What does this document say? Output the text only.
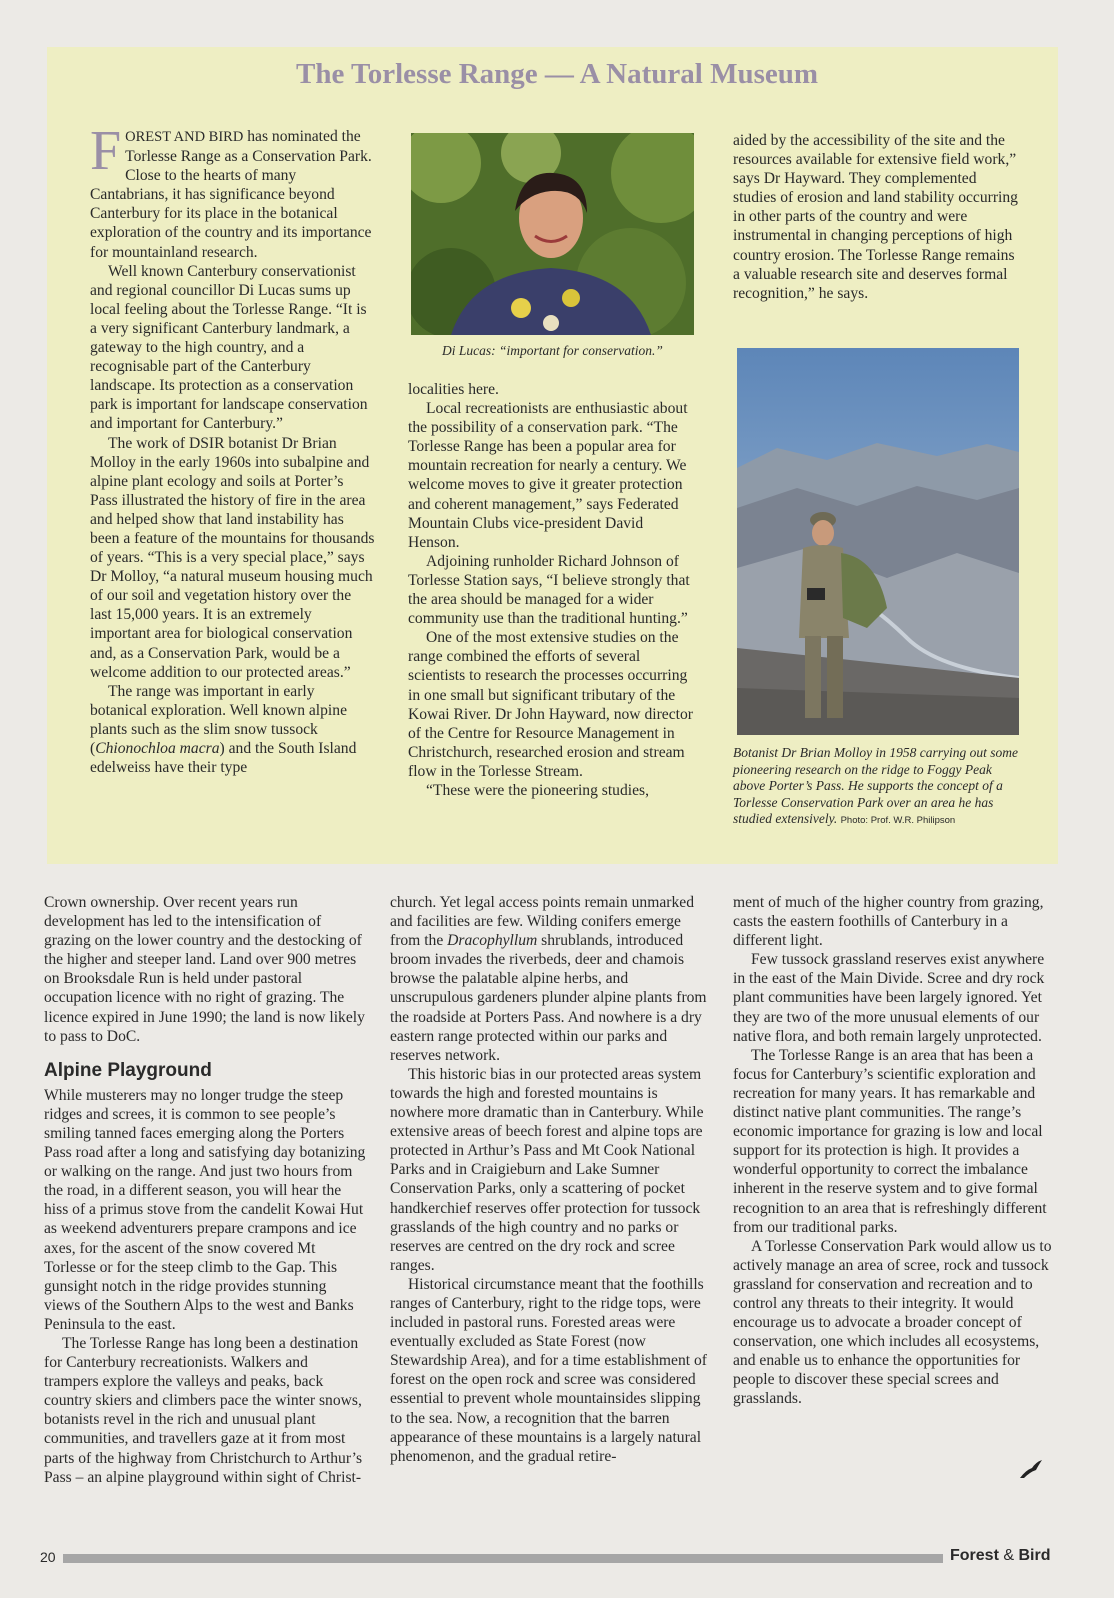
The Torlesse Range — A Natural Museum

FOREST AND BIRD has nominated the Torlesse Range as a Conservation Park. Close to the hearts of many Cantabrians, it has significance beyond Canterbury for its place in the botanical exploration of the country and its importance for mountainland research.

Well known Canterbury conservationist and regional councillor Di Lucas sums up local feeling about the Torlesse Range. “It is a very significant Canterbury landmark, a gateway to the high country, and a recognisable part of the Canterbury landscape. Its protection as a conservation park is important for landscape conservation and important for Canterbury.”

The work of DSIR botanist Dr Brian Molloy in the early 1960s into subalpine and alpine plant ecology and soils at Porter’s Pass illustrated the history of fire in the area and helped show that land instability has been a feature of the mountains for thousands of years. “This is a very special place,” says Dr Molloy, “a natural museum housing much of our soil and vegetation history over the last 15,000 years. It is an extremely important area for biological conservation and, as a Conservation Park, would be a welcome addition to our protected areas.”

The range was important in early botanical exploration. Well known alpine plants such as the slim snow tussock (Chionochloa macra) and the South Island edelweiss have their type

Di Lucas: “important for conservation.”

localities here.

Local recreationists are enthusiastic about the possibility of a conservation park. “The Torlesse Range has been a popular area for mountain recreation for nearly a century. We welcome moves to give it greater protection and coherent management,” says Federated Mountain Clubs vice-president David Henson.

Adjoining runholder Richard Johnson of Torlesse Station says, “I believe strongly that the area should be managed for a wider community use than the traditional hunting.”

One of the most extensive studies on the range combined the efforts of several scientists to research the processes occurring in one small but significant tributary of the Kowai River. Dr John Hayward, now director of the Centre for Resource Management in Christchurch, researched erosion and stream flow in the Torlesse Stream.

“These were the pioneering studies,

aided by the accessibility of the site and the resources available for extensive field work,” says Dr Hayward. They complemented studies of erosion and land stability occurring in other parts of the country and were instrumental in changing perceptions of high country erosion. The Torlesse Range remains a valuable research site and deserves formal recognition,” he says.

Botanist Dr Brian Molloy in 1958 carrying out some pioneering research on the ridge to Foggy Peak above Porter’s Pass. He supports the concept of a Torlesse Conservation Park over an area he has studied extensively. Photo: Prof. W.R. Philipson

Crown ownership. Over recent years run development has led to the intensification of grazing on the lower country and the destocking of the higher and steeper land. Land over 900 metres on Brooksdale Run is held under pastoral occupation licence with no right of grazing. The licence expired in June 1990; the land is now likely to pass to DoC.

Alpine Playground

While musterers may no longer trudge the steep ridges and screes, it is common to see people’s smiling tanned faces emerging along the Porters Pass road after a long and satisfying day botanizing or walking on the range. And just two hours from the road, in a different season, you will hear the hiss of a primus stove from the candelit Kowai Hut as weekend adventurers prepare crampons and ice axes, for the ascent of the snow covered Mt Torlesse or for the steep climb to the Gap. This gunsight notch in the ridge provides stunning views of the Southern Alps to the west and Banks Peninsula to the east.

The Torlesse Range has long been a destination for Canterbury recreationists. Walkers and trampers explore the valleys and peaks, back country skiers and climbers pace the winter snows, botanists revel in the rich and unusual plant communities, and travellers gaze at it from most parts of the highway from Christchurch to Arthur’s Pass – an alpine playground within sight of Christ-

church. Yet legal access points remain unmarked and facilities are few. Wilding conifers emerge from the Dracophyllum shrublands, introduced broom invades the riverbeds, deer and chamois browse the palatable alpine herbs, and unscrupulous gardeners plunder alpine plants from the roadside at Porters Pass. And nowhere is a dry eastern range protected within our parks and reserves network.

This historic bias in our protected areas system towards the high and forested mountains is nowhere more dramatic than in Canterbury. While extensive areas of beech forest and alpine tops are protected in Arthur’s Pass and Mt Cook National Parks and in Craigieburn and Lake Sumner Conservation Parks, only a scattering of pocket handkerchief reserves offer protection for tussock grasslands of the high country and no parks or reserves are centred on the dry rock and scree ranges.

Historical circumstance meant that the foothills ranges of Canterbury, right to the ridge tops, were included in pastoral runs. Forested areas were eventually excluded as State Forest (now Stewardship Area), and for a time establishment of forest on the open rock and scree was considered essential to prevent whole mountainsides slipping to the sea. Now, a recognition that the barren appearance of these mountains is a largely natural phenomenon, and the gradual retire-

ment of much of the higher country from grazing, casts the eastern foothills of Canterbury in a different light.

Few tussock grassland reserves exist anywhere in the east of the Main Divide. Scree and dry rock plant communities have been largely ignored. Yet they are two of the more unusual elements of our native flora, and both remain largely unprotected.

The Torlesse Range is an area that has been a focus for Canterbury’s scientific exploration and recreation for many years. It has remarkable and distinct native plant communities. The range’s economic importance for grazing is low and local support for its protection is high. It provides a wonderful opportunity to correct the imbalance inherent in the reserve system and to give formal recognition to an area that is refreshingly different from our traditional parks.

A Torlesse Conservation Park would allow us to actively manage an area of scree, rock and tussock grassland for conservation and recreation and to control any threats to their integrity. It would encourage us to advocate a broader concept of conservation, one which includes all ecosystems, and enable us to enhance the opportunities for people to discover these special screes and grasslands.

20	Forest & Bird
